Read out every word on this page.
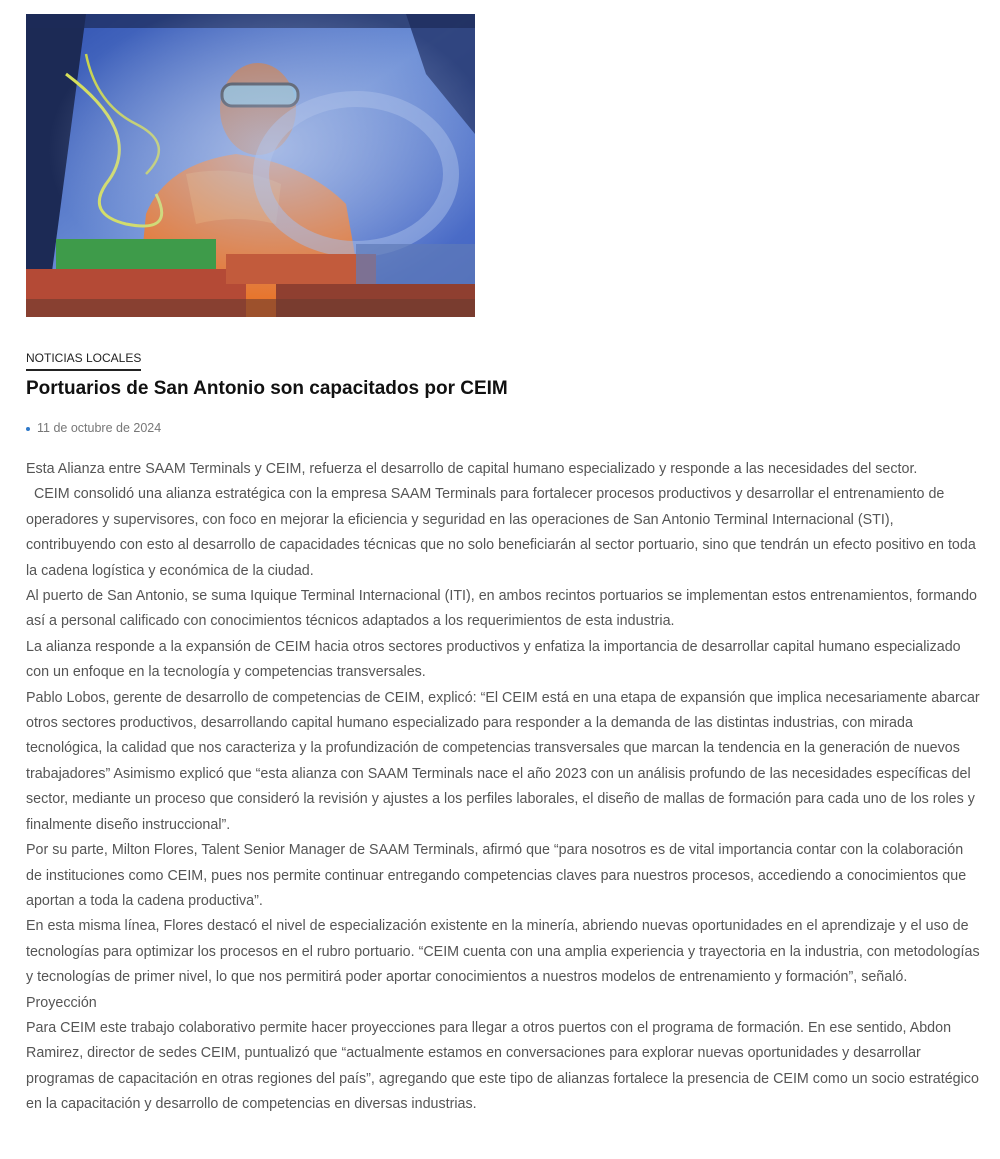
NOTICIAS LOCALES
Portuarios de San Antonio son capacitados por CEIM
11 de octubre de 2024

Esta Alianza entre SAAM Terminals y CEIM, refuerza el desarrollo de capital humano especializado y responde a las necesidades del sector.

CEIM consolidó una alianza estratégica con la empresa SAAM Terminals para fortalecer procesos productivos y desarrollar el entrenamiento de operadores y supervisores, con foco en mejorar la eficiencia y seguridad en las operaciones de San Antonio Terminal Internacional (STI), contribuyendo con esto al desarrollo de capacidades técnicas que no solo beneficiarán al sector portuario, sino que tendrán un efecto positivo en toda la cadena logística y económica de la ciudad.

Al puerto de San Antonio, se suma Iquique Terminal Internacional (ITI), en ambos recintos portuarios se implementan estos entrenamientos, formando así a personal calificado con conocimientos técnicos adaptados a los requerimientos de esta industria.

La alianza responde a la expansión de CEIM hacia otros sectores productivos y enfatiza la importancia de desarrollar capital humano especializado con un enfoque en la tecnología y competencias transversales.

Pablo Lobos, gerente de desarrollo de competencias de CEIM, explicó: “El CEIM está en una etapa de expansión que implica necesariamente abarcar otros sectores productivos, desarrollando capital humano especializado para responder a la demanda de las distintas industrias, con mirada tecnológica, la calidad que nos caracteriza y la profundización de competencias transversales que marcan la tendencia en la generación de nuevos trabajadores” Asimismo explicó que “esta alianza con SAAM Terminals nace el año 2023 con un análisis profundo de las necesidades específicas del sector, mediante un proceso que consideró la revisión y ajustes a los perfiles laborales, el diseño de mallas de formación para cada uno de los roles y finalmente diseño instruccional”.

Por su parte, Milton Flores, Talent Senior Manager de SAAM Terminals, afirmó que “para nosotros es de vital importancia contar con la colaboración de instituciones como CEIM, pues nos permite continuar entregando competencias claves para nuestros procesos, accediendo a conocimientos que aportan a toda la cadena productiva”.

En esta misma línea, Flores destacó el nivel de especialización existente en la minería, abriendo nuevas oportunidades en el aprendizaje y el uso de tecnologías para optimizar los procesos en el rubro portuario. “CEIM cuenta con una amplia experiencia y trayectoria en la industria, con metodologías y tecnologías de primer nivel, lo que nos permitirá poder aportar conocimientos a nuestros modelos de entrenamiento y formación”, señaló.

Proyección

Para CEIM este trabajo colaborativo permite hacer proyecciones para llegar a otros puertos con el programa de formación. En ese sentido, Abdon Ramirez, director de sedes CEIM, puntualizó que “actualmente estamos en conversaciones para explorar nuevas oportunidades y desarrollar programas de capacitación en otras regiones del país”, agregando que este tipo de alianzas fortalece la presencia de CEIM como un socio estratégico en la capacitación y desarrollo de competencias en diversas industrias.
